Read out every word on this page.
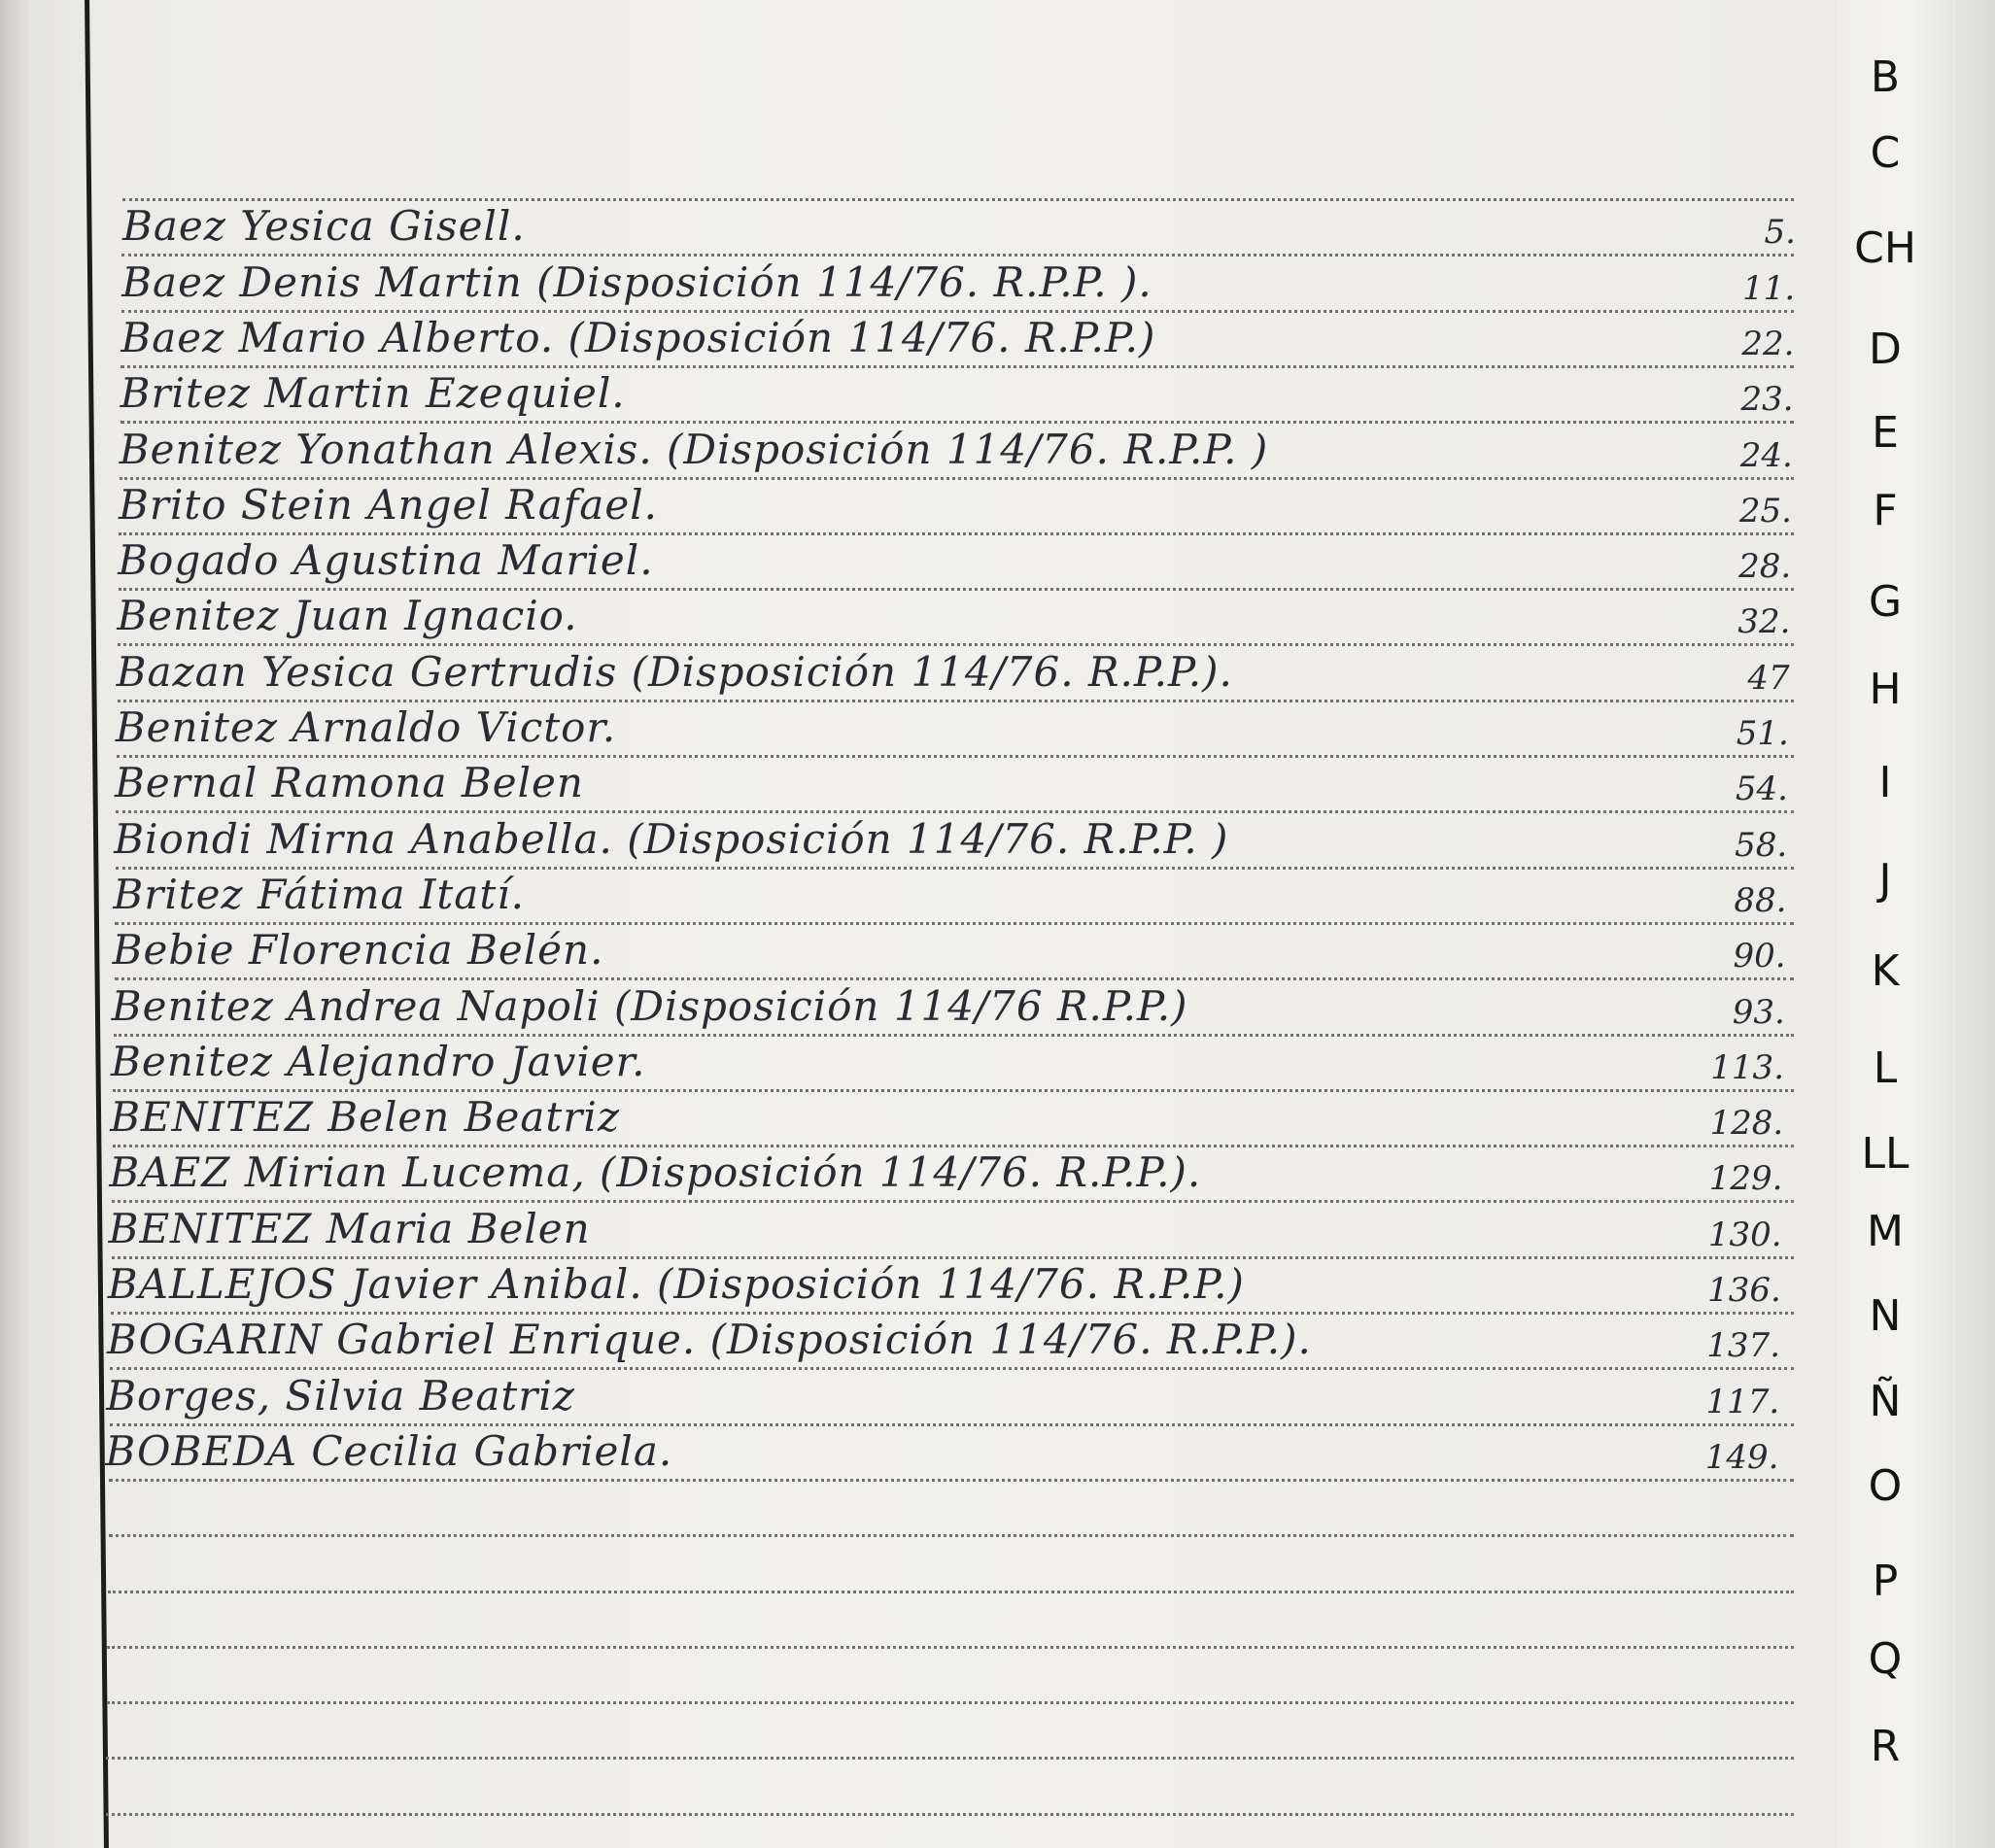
Baez Yesica Gisell.	5.
Baez Denis Martin (Disposición 114/76. R.P.P. ).	11.
Baez Mario Alberto. (Disposición 114/76. R.P.P.)	22.
Britez Martin Ezequiel.	23.
Benitez Yonathan Alexis. (Disposición 114/76. R.P.P. )	24.
Brito Stein Angel Rafael.	25.
Bogado Agustina Mariel.	28.
Benitez Juan Ignacio.	32.
Bazan Yesica Gertrudis (Disposición 114/76. R.P.P.).	47
Benitez Arnaldo Victor.	51.
Bernal Ramona Belen	54.
Biondi Mirna Anabella. (Disposición 114/76. R.P.P. )	58.
Britez Fátima Itatí.	88.
Bebie Florencia Belén.	90.
Benitez Andrea Napoli (Disposición 114/76 R.P.P.)	93.
Benitez Alejandro Javier.	113.
BENITEZ Belen Beatriz	128.
BAEZ Mirian Lucema, (Disposición 114/76. R.P.P.).	129.
BENITEZ Maria Belen	130.
BALLEJOS Javier Anibal. (Disposición 114/76. R.P.P.)	136.
BOGARIN Gabriel Enrique. (Disposición 114/76. R.P.P.).	137.
Borges, Silvia Beatriz	117.
BOBEDA Cecilia Gabriela.	149.
B
C
CH
D
E
F
G
H
I
J
K
L
LL
M
N
Ñ
O
P
Q
R
